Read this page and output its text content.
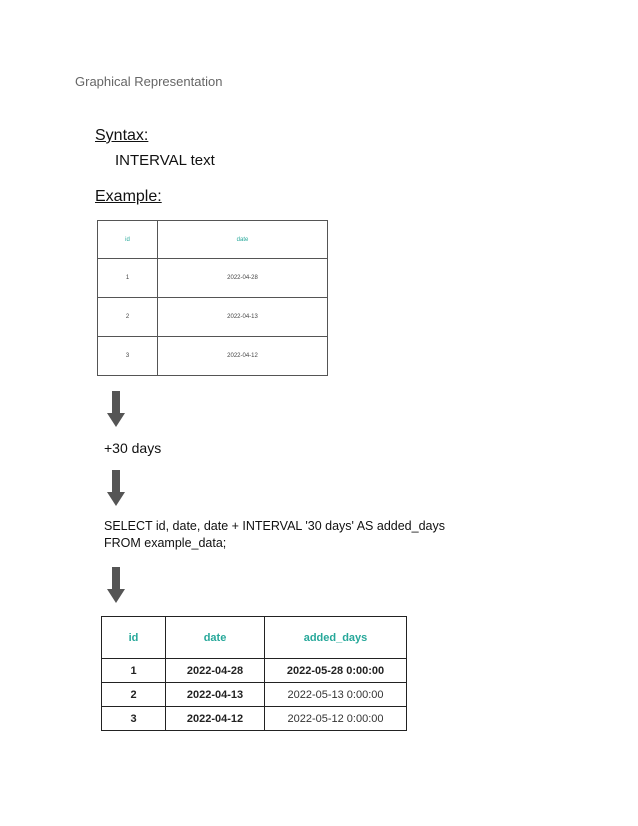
Graphical Representation
Syntax:
INTERVAL text
Example:
id	date
1	2022-04-28
2	2022-04-13
3	2022-04-12
+30 days
SELECT id, date, date + INTERVAL '30 days' AS added_days
FROM example_data;
id	date	added_days
1	2022-04-28	2022-05-28 0:00:00
2	2022-04-13	2022-05-13 0:00:00
3	2022-04-12	2022-05-12 0:00:00
